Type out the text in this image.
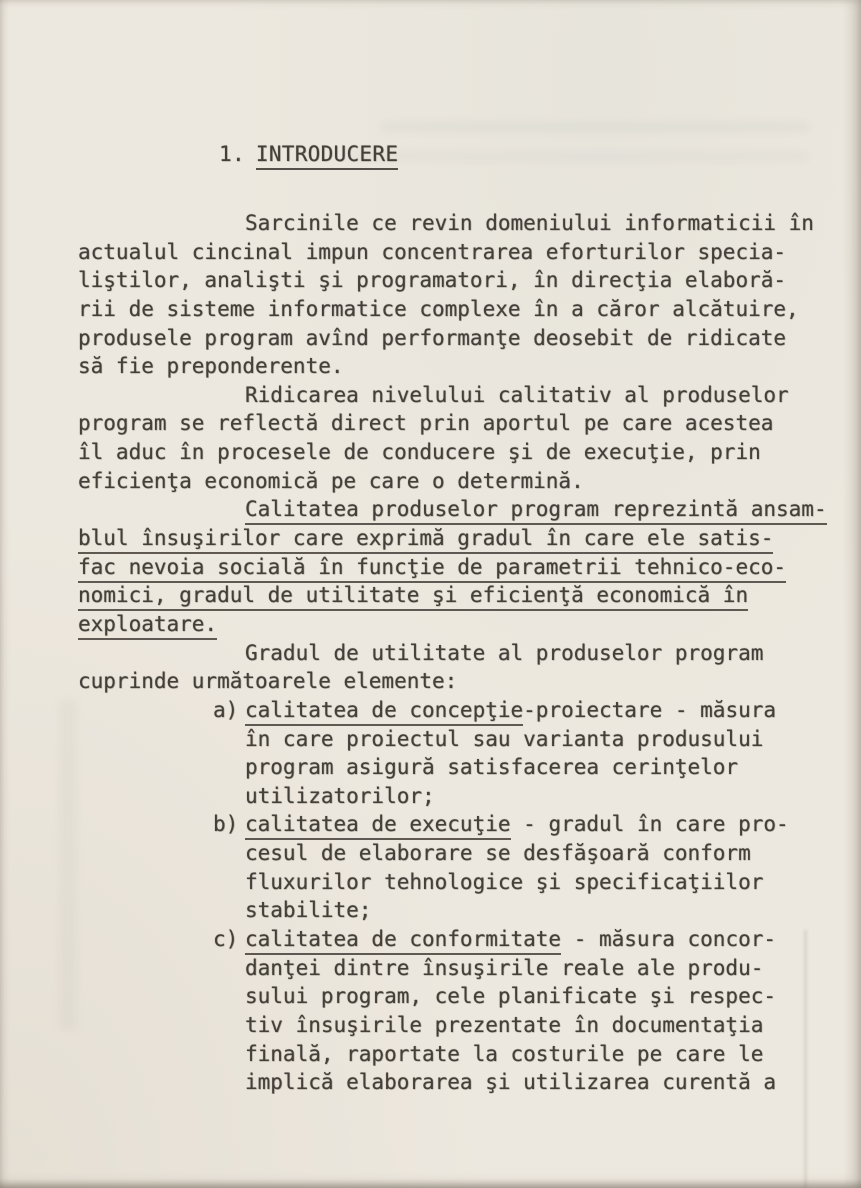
1. INTRODUCERE
Sarcinile ce revin domeniului informaticii în
actualul cincinal impun concentrarea eforturilor specia-
liştilor, analişti şi programatori, în direcţia elaboră-
rii de sisteme informatice complexe în a căror alcătuire,
produsele program avînd performanţe deosebit de ridicate
să fie preponderente.
Ridicarea nivelului calitativ al produselor
program se reflectă direct prin aportul pe care acestea
îl aduc în procesele de conducere şi de execuţie, prin
eficienţa economică pe care o determină.
Calitatea produselor program reprezintă ansam-
blul însuşirilor care exprimă gradul în care ele satis-
fac nevoia socială în funcţie de parametrii tehnico-eco-
nomici, gradul de utilitate şi eficienţă economică în
exploatare.
Gradul de utilitate al produselor program
cuprinde următoarele elemente:
a) calitatea de concepţie-proiectare - măsura
în care proiectul sau varianta produsului
program asigură satisfacerea cerinţelor
utilizatorilor;
b) calitatea de execuţie - gradul în care pro-
cesul de elaborare se desfăşoară conform
fluxurilor tehnologice şi specificaţiilor
stabilite;
c) calitatea de conformitate - măsura concor-
danţei dintre însuşirile reale ale produ-
sului program, cele planificate şi respec-
tiv însuşirile prezentate în documentaţia
finală, raportate la costurile pe care le
implică elaborarea şi utilizarea curentă a
